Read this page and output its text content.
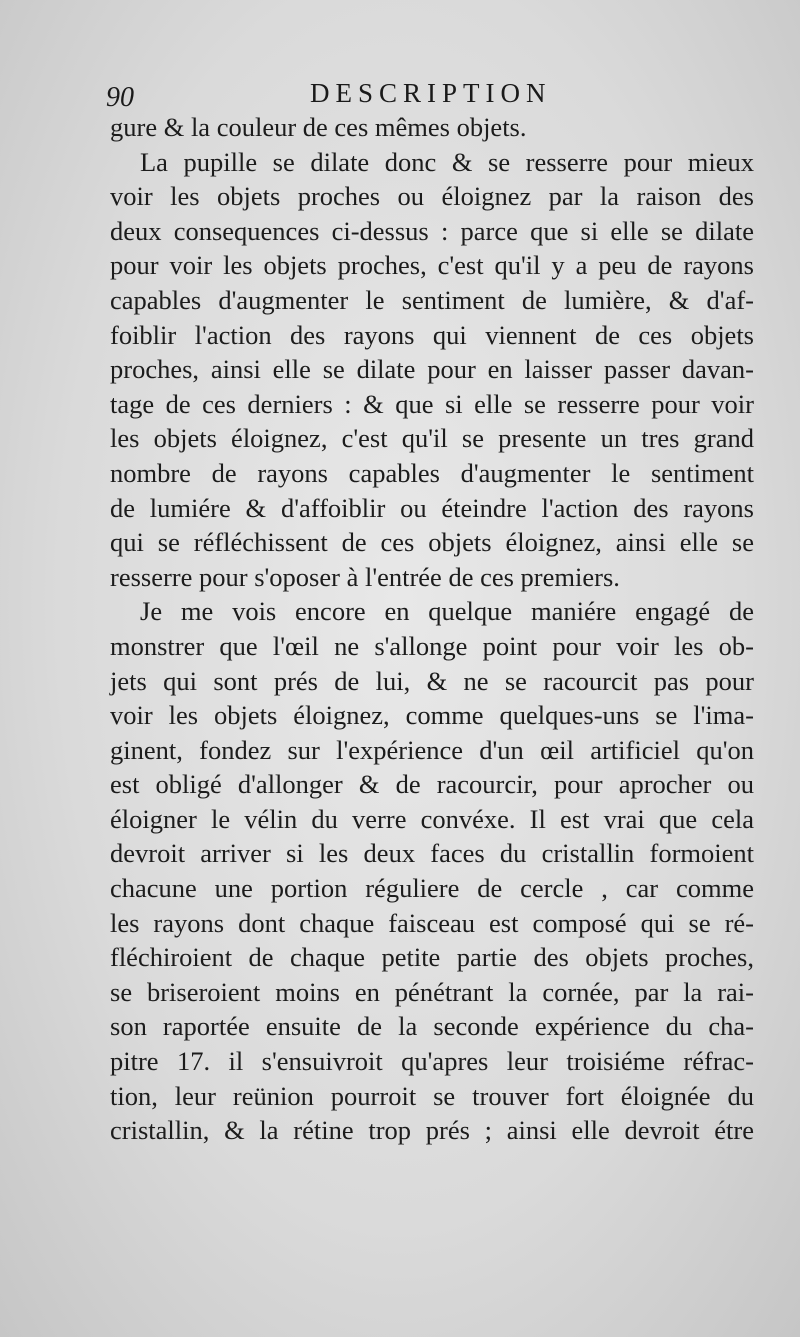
90	DESCRIPTION
gure & la couleur de ces mêmes objets.
La pupille se dilate donc & se resserre pour mieux
voir les objets proches ou éloignez par la raison des
deux consequences ci-dessus : parce que si elle se dilate
pour voir les objets proches, c'est qu'il y a peu de rayons
capables d'augmenter le sentiment de lumière, & d'af-
foiblir l'action des rayons qui viennent de ces objets
proches, ainsi elle se dilate pour en laisser passer davan-
tage de ces derniers : & que si elle se resserre pour voir
les objets éloignez, c'est qu'il se presente un tres grand
nombre de rayons capables d'augmenter le sentiment
de lumiére & d'affoiblir ou éteindre l'action des rayons
qui se réfléchissent de ces objets éloignez, ainsi elle se
resserre pour s'oposer à l'entrée de ces premiers.
Je me vois encore en quelque maniére engagé de
monstrer que l'œil ne s'allonge point pour voir les ob-
jets qui sont prés de lui, & ne se racourcit pas pour
voir les objets éloignez, comme quelques-uns se l'ima-
ginent, fondez sur l'expérience d'un œil artificiel qu'on
est obligé d'allonger & de racourcir, pour aprocher ou
éloigner le vélin du verre convéxe. Il est vrai que cela
devroit arriver si les deux faces du cristallin formoient
chacune une portion réguliere de cercle , car comme
les rayons dont chaque faisceau est composé qui se ré-
fléchiroient de chaque petite partie des objets proches,
se briseroient moins en pénétrant la cornée, par la rai-
son raportée ensuite de la seconde expérience du cha-
pitre 17. il s'ensuivroit qu'apres leur troisiéme réfrac-
tion, leur reünion pourroit se trouver fort éloignée du
cristallin, & la rétine trop prés ; ainsi elle devroit étre
